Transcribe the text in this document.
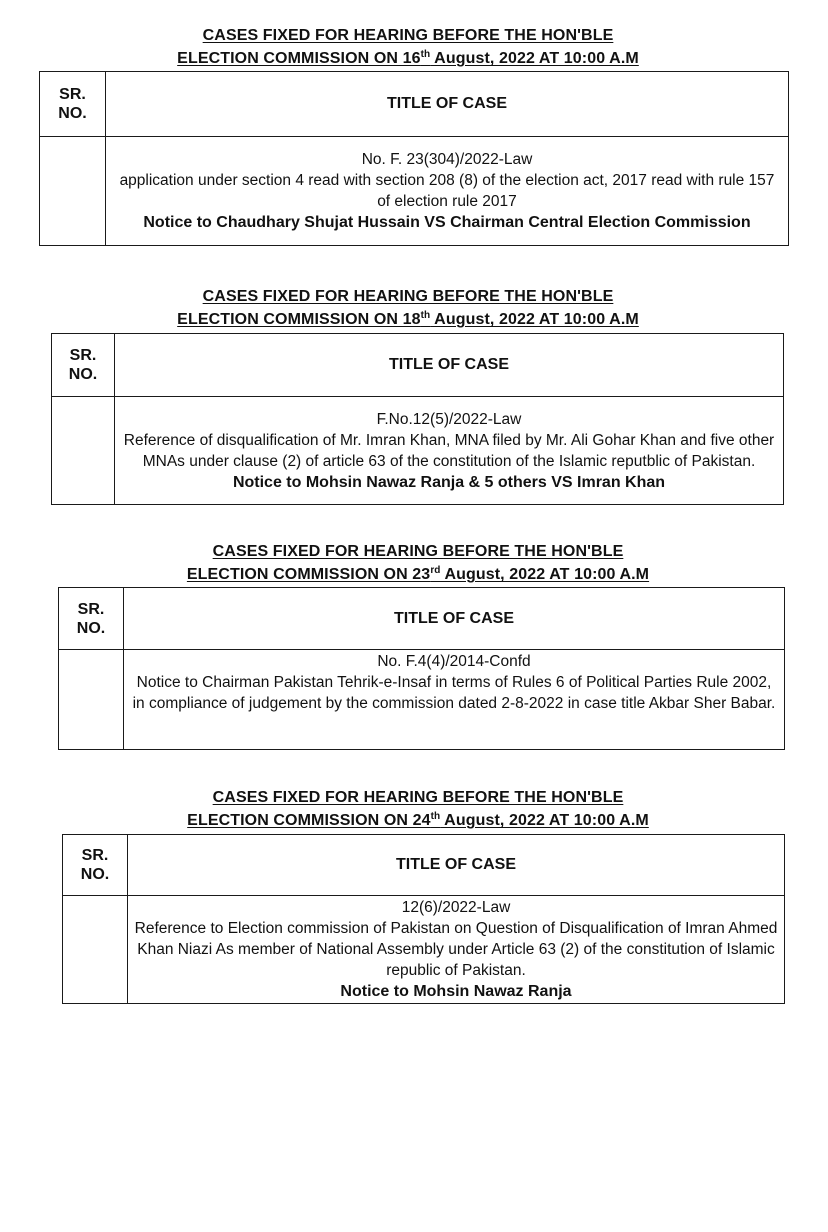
CASES FIXED FOR HEARING BEFORE THE HON'BLE
ELECTION COMMISSION ON 16th August, 2022 AT 10:00 A.M
SR.
NO.	TITLE OF CASE

	No. F. 23(304)/2022-Law
application under section 4 read with section 208 (8) of the election act, 2017 read with rule 157 of election rule 2017
Notice to Chaudhary Shujat Hussain VS Chairman Central Election Commission
CASES FIXED FOR HEARING BEFORE THE HON'BLE
ELECTION COMMISSION ON 18th August, 2022 AT 10:00 A.M
SR.
NO.	TITLE OF CASE

	F.No.12(5)/2022-Law
Reference of disqualification of Mr. Imran Khan, MNA filed by Mr. Ali Gohar Khan and five other MNAs under clause (2) of article 63 of the constitution of the Islamic reputblic of Pakistan.
Notice to Mohsin Nawaz Ranja & 5 others VS Imran Khan
CASES FIXED FOR HEARING BEFORE THE HON'BLE
ELECTION COMMISSION ON 23rd August, 2022 AT 10:00 A.M
SR.
NO.	TITLE OF CASE

	No. F.4(4)/2014-Confd
Notice to Chairman Pakistan Tehrik-e-Insaf in terms of Rules 6 of Political Parties Rule 2002, in compliance of judgement by the commission dated 2-8-2022 in case title Akbar Sher Babar.
CASES FIXED FOR HEARING BEFORE THE HON'BLE
ELECTION COMMISSION ON 24th August, 2022 AT 10:00 A.M
SR.
NO.	TITLE OF CASE

	12(6)/2022-Law
Reference to Election commission of Pakistan on Question of Disqualification of Imran Ahmed Khan Niazi As member of National Assembly under Article 63 (2) of the constitution of Islamic republic of Pakistan.
Notice to Mohsin Nawaz Ranja
